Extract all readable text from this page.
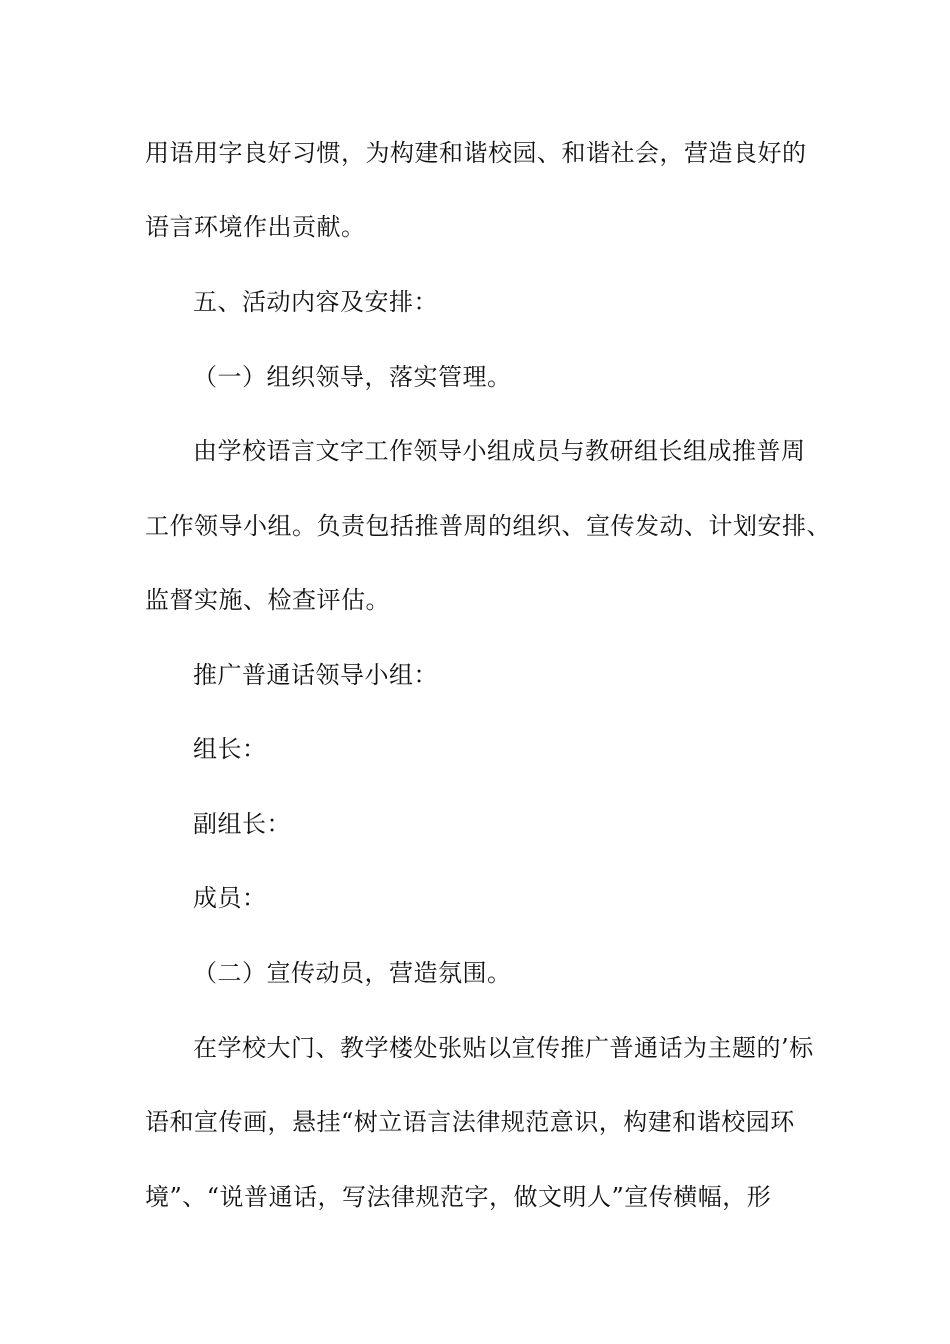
用语用字良好习惯，为构建和谐校园、和谐社会，营造良好的
语言环境作出贡献。
五、活动内容及安排：
（一）组织领导，落实管理。
由学校语言文字工作领导小组成员与教研组长组成推普周
工作领导小组。负责包括推普周的组织、宣传发动、计划安排、
监督实施、检查评估。
推广普通话领导小组：
组长：
副组长：
成员：
（二）宣传动员，营造氛围。
在学校大门、教学楼处张贴以宣传推广普通话为主题的’标
语和宣传画，悬挂“树立语言法律规范意识，构建和谐校园环
境”、“说普通话，写法律规范字，做文明人”宣传横幅，形
